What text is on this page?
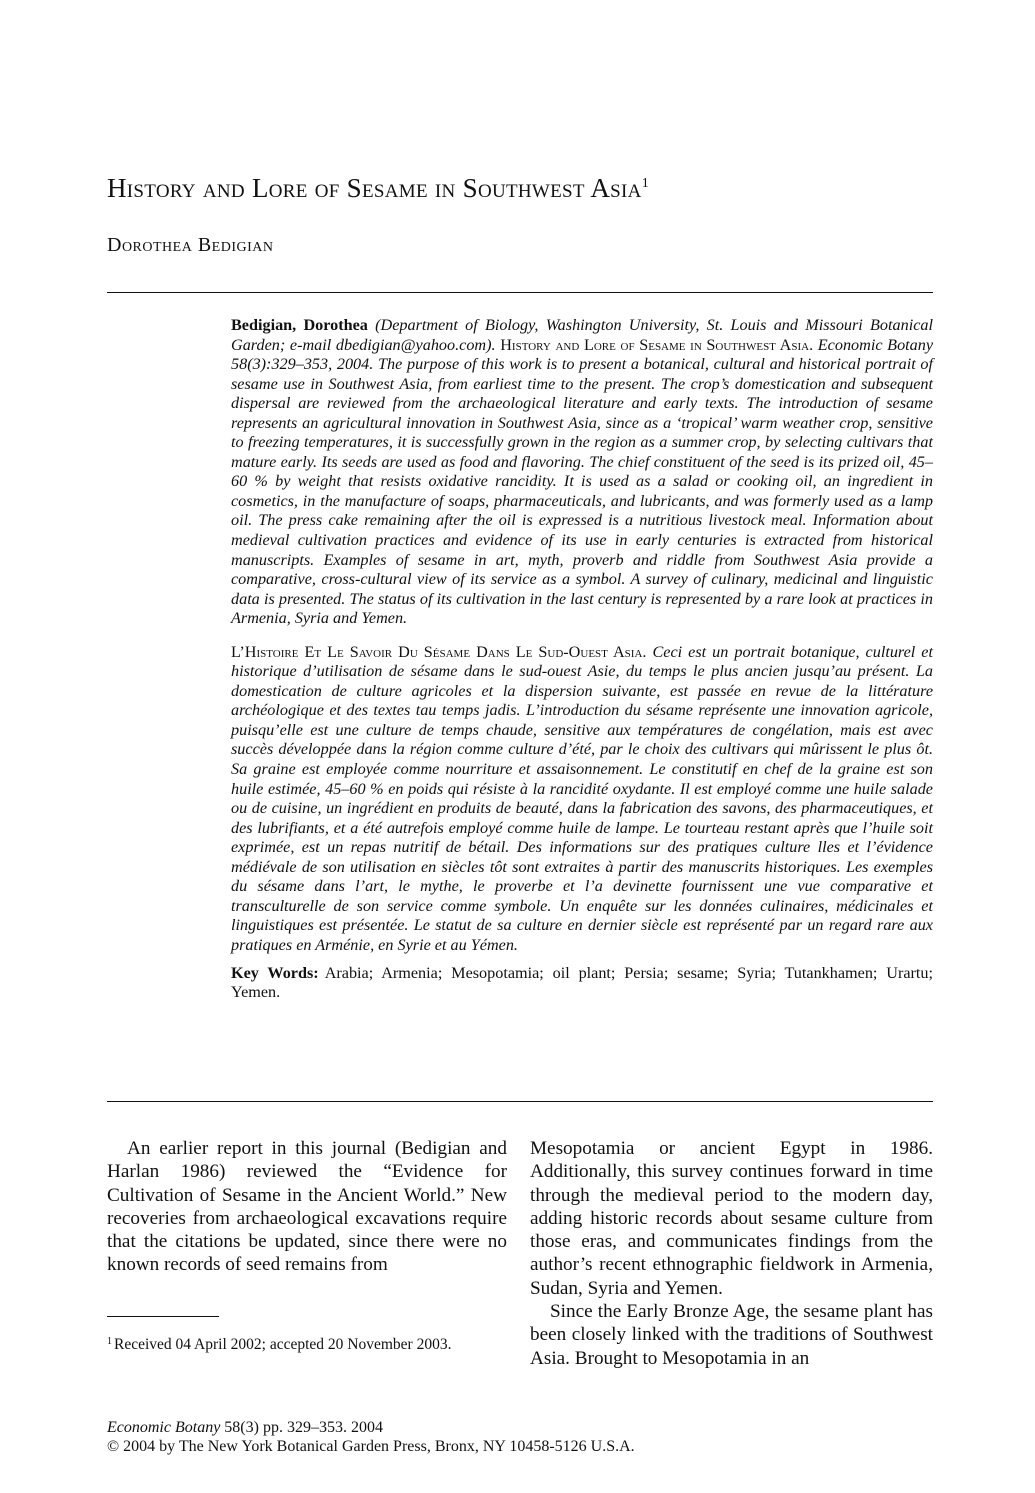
History and Lore of Sesame in Southwest Asia$^1$
Dorothea Bedigian

Bedigian, Dorothea (Department of Biology, Washington University, St. Louis and Missouri Botanical Garden; e-mail dbedigian@yahoo.com). History and Lore of Sesame in Southwest Asia. Economic Botany 58(3):329–353, 2004. The purpose of this work is to present a botanical, cultural and historical portrait of sesame use in Southwest Asia, from earliest time to the present. The crop’s domestication and subsequent dispersal are reviewed from the archaeological literature and early texts. The introduction of sesame represents an agricultural innovation in Southwest Asia, since as a ‘tropical’ warm weather crop, sensitive to freezing temperatures, it is successfully grown in the region as a summer crop, by selecting cultivars that mature early. Its seeds are used as food and flavoring. The chief constituent of the seed is its prized oil, 45–60 % by weight that resists oxidative rancidity. It is used as a salad or cooking oil, an ingredient in cosmetics, in the manufacture of soaps, pharmaceuticals, and lubricants, and was formerly used as a lamp oil. The press cake remaining after the oil is expressed is a nutritious livestock meal. Information about medieval cultivation practices and evidence of its use in early centuries is extracted from historical manuscripts. Examples of sesame in art, myth, proverb and riddle from Southwest Asia provide a comparative, cross-cultural view of its service as a symbol. A survey of culinary, medicinal and linguistic data is presented. The status of its cultivation in the last century is represented by a rare look at practices in Armenia, Syria and Yemen.

L’Histoire Et Le Savoir Du Sésame Dans Le Sud-Ouest Asia. Ceci est un portrait botanique, culturel et historique d’utilisation de sésame dans le sud-ouest Asie, du temps le plus ancien jusqu’au présent. La domestication de culture agricoles et la dispersion suivante, est passée en revue de la littérature archéologique et des textes tau temps jadis. L’introduction du sésame représente une innovation agricole, puisqu’elle est une culture de temps chaude, sensitive aux températures de congélation, mais est avec succès développée dans la région comme culture d’été, par le choix des cultivars qui mûrissent le plus ôt. Sa graine est employée comme nourriture et assaisonnement. Le constitutif en chef de la graine est son huile estimée, 45–60 % en poids qui résiste à la rancidité oxydante. Il est employé comme une huile salade ou de cuisine, un ingrédient en produits de beauté, dans la fabrication des savons, des pharmaceutiques, et des lubrifiants, et a été autrefois employé comme huile de lampe. Le tourteau restant après que l’huile soit exprimée, est un repas nutritif de bétail. Des informations sur des pratiques culture lles et l’évidence médiévale de son utilisation en siècles tôt sont extraites à partir des manuscrits historiques. Les exemples du sésame dans l’art, le mythe, le proverbe et l’a devinette fournissent une vue comparative et transculturelle de son service comme symbole. Un enquête sur les données culinaires, médicinales et linguistiques est présentée. Le statut de sa culture en dernier siècle est représenté par un regard rare aux pratiques en Arménie, en Syrie et au Yémen.

Key Words: Arabia; Armenia; Mesopotamia; oil plant; Persia; sesame; Syria; Tutankhamen; Urartu; Yemen.

An earlier report in this journal (Bedigian and Harlan 1986) reviewed the “Evidence for Cultivation of Sesame in the Ancient World.” New recoveries from archaeological excavations require that the citations be updated, since there were no known records of seed remains from

Mesopotamia or ancient Egypt in 1986. Additionally, this survey continues forward in time through the medieval period to the modern day, adding historic records about sesame culture from those eras, and communicates findings from the author’s recent ethnographic fieldwork in Armenia, Sudan, Syria and Yemen.

Since the Early Bronze Age, the sesame plant has been closely linked with the traditions of Southwest Asia. Brought to Mesopotamia in an

$^1$ Received 04 April 2002; accepted 20 November 2003.
Economic Botany 58(3) pp. 329–353. 2004
© 2004 by The New York Botanical Garden Press, Bronx, NY 10458-5126 U.S.A.
